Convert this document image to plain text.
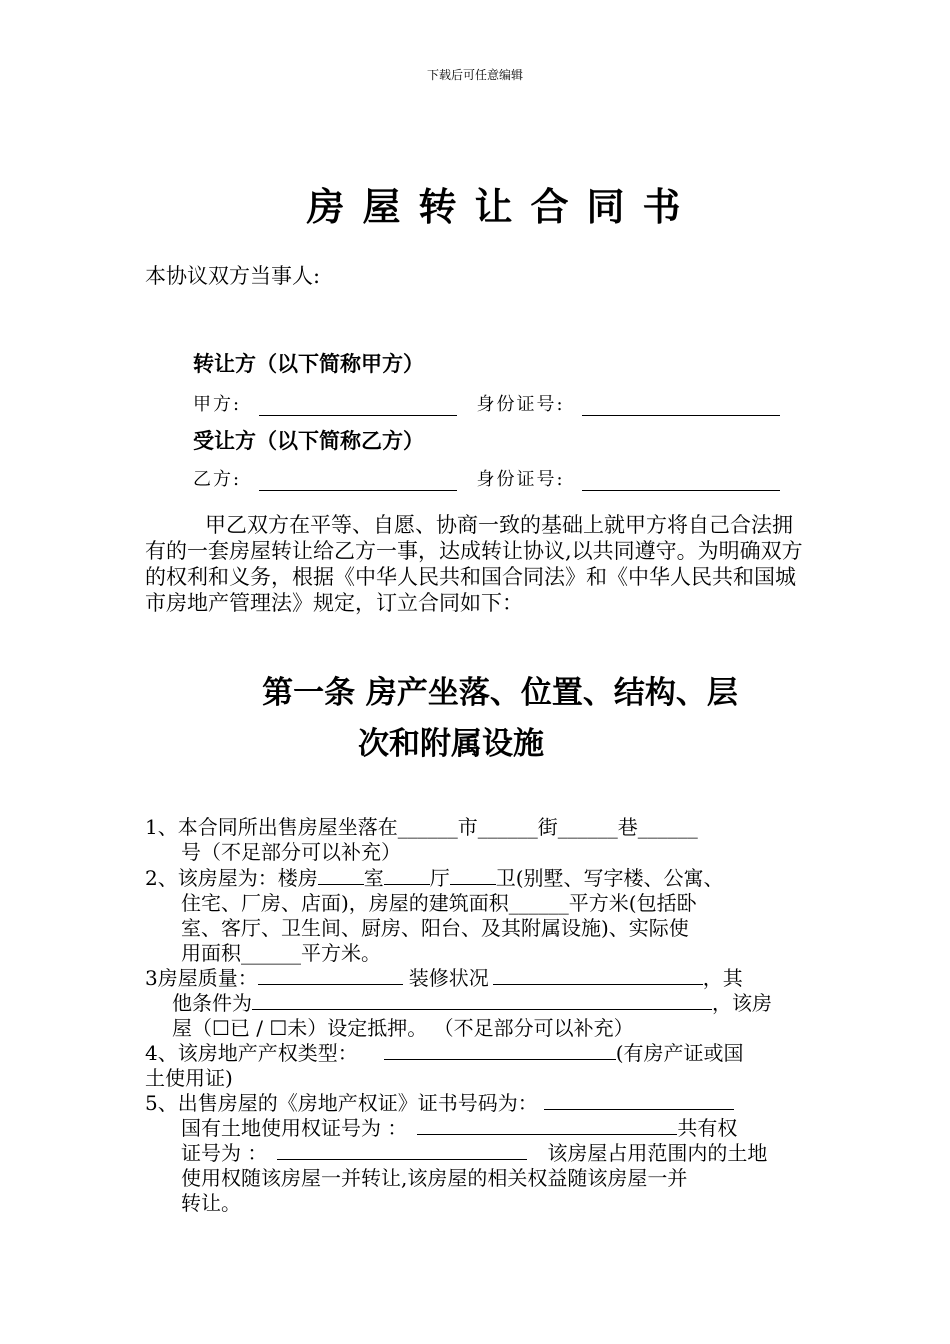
下载后可任意编辑
房屋转让合同书
本协议双方当事人:
转让方（以下简称甲方）
甲方:	身份证号:
受让方（以下简称乙方）
乙方:	身份证号:
甲乙双方在平等、自愿、协商一致的基础上就甲方将自己合法拥有的一套房屋转让给乙方一事，达成转让协议,以共同遵守。为明确双方的权利和义务，根据《中华人民共和国合同法》和《中华人民共和国城市房地产管理法》规定，订立合同如下：
第一条 房产坐落、位置、结构、层
次和附属设施
1、本合同所出售房屋坐落在______市______街______巷______
号（不足部分可以补充）
2、该房屋为：楼房 室 厅 卫(别墅、写字楼、公寓、
住宅、厂房、店面)，房屋的建筑面积______平方米(包括卧
室、客厅、卫生间、厨房、阳台、及其附属设施)、实际使
用面积______平方米。
3房屋质量：	装修状况	，其
他条件为	，该房
屋（☐已 / ☐未）设定抵押。 （不足部分可以补充）
4、该房地产产权类型：	(有房产证或国
土使用证)
5、出售房屋的《房地产权证》证书号码为：
国有土地使用权证号为 ：	共有权
证号为 ：	该房屋占用范围内的土地
使用权随该房屋一并转让,该房屋的相关权益随该房屋一并
转让。
